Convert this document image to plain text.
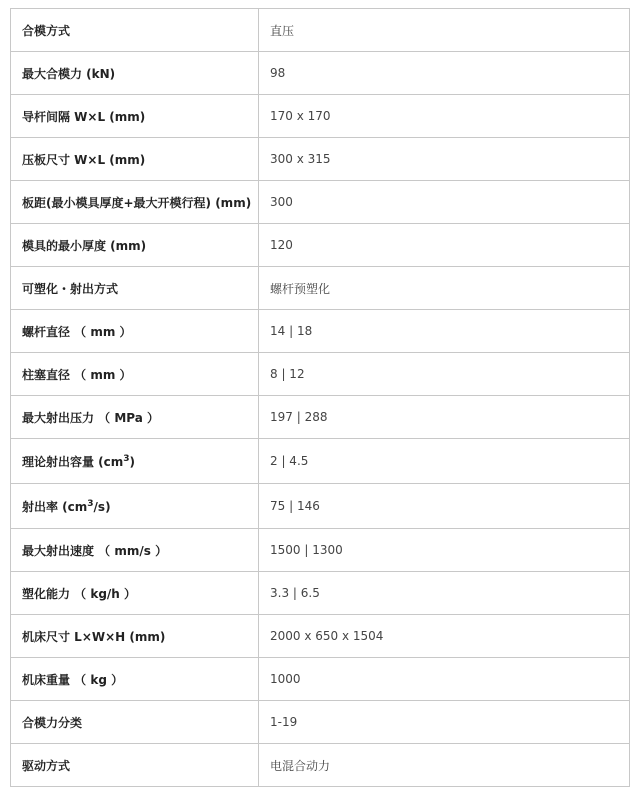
合模方式	直压
最大合模力 (kN)	98
导杆间隔 W×L (mm)	170 x 170
压板尺寸 W×L (mm)	300 x 315
板距(最小模具厚度+最大开模行程) (mm)	300
模具的最小厚度 (mm)	120
可塑化・射出方式	螺杆预塑化
螺杆直径 （ mm ）	14 | 18
柱塞直径 （ mm ）	8 | 12
最大射出压力 （ MPa ）	197 | 288
理论射出容量 $(cm^3)$	2 | 4.5
射出率 $(cm^3/s)$	75 | 146
最大射出速度 （ mm/s ）	1500 | 1300
塑化能力 （ kg/h ）	3.3 | 6.5
机床尺寸 L×W×H (mm)	2000 x 650 x 1504
机床重量 （ kg ）	1000
合模力分类	1-19
驱动方式	电混合动力
